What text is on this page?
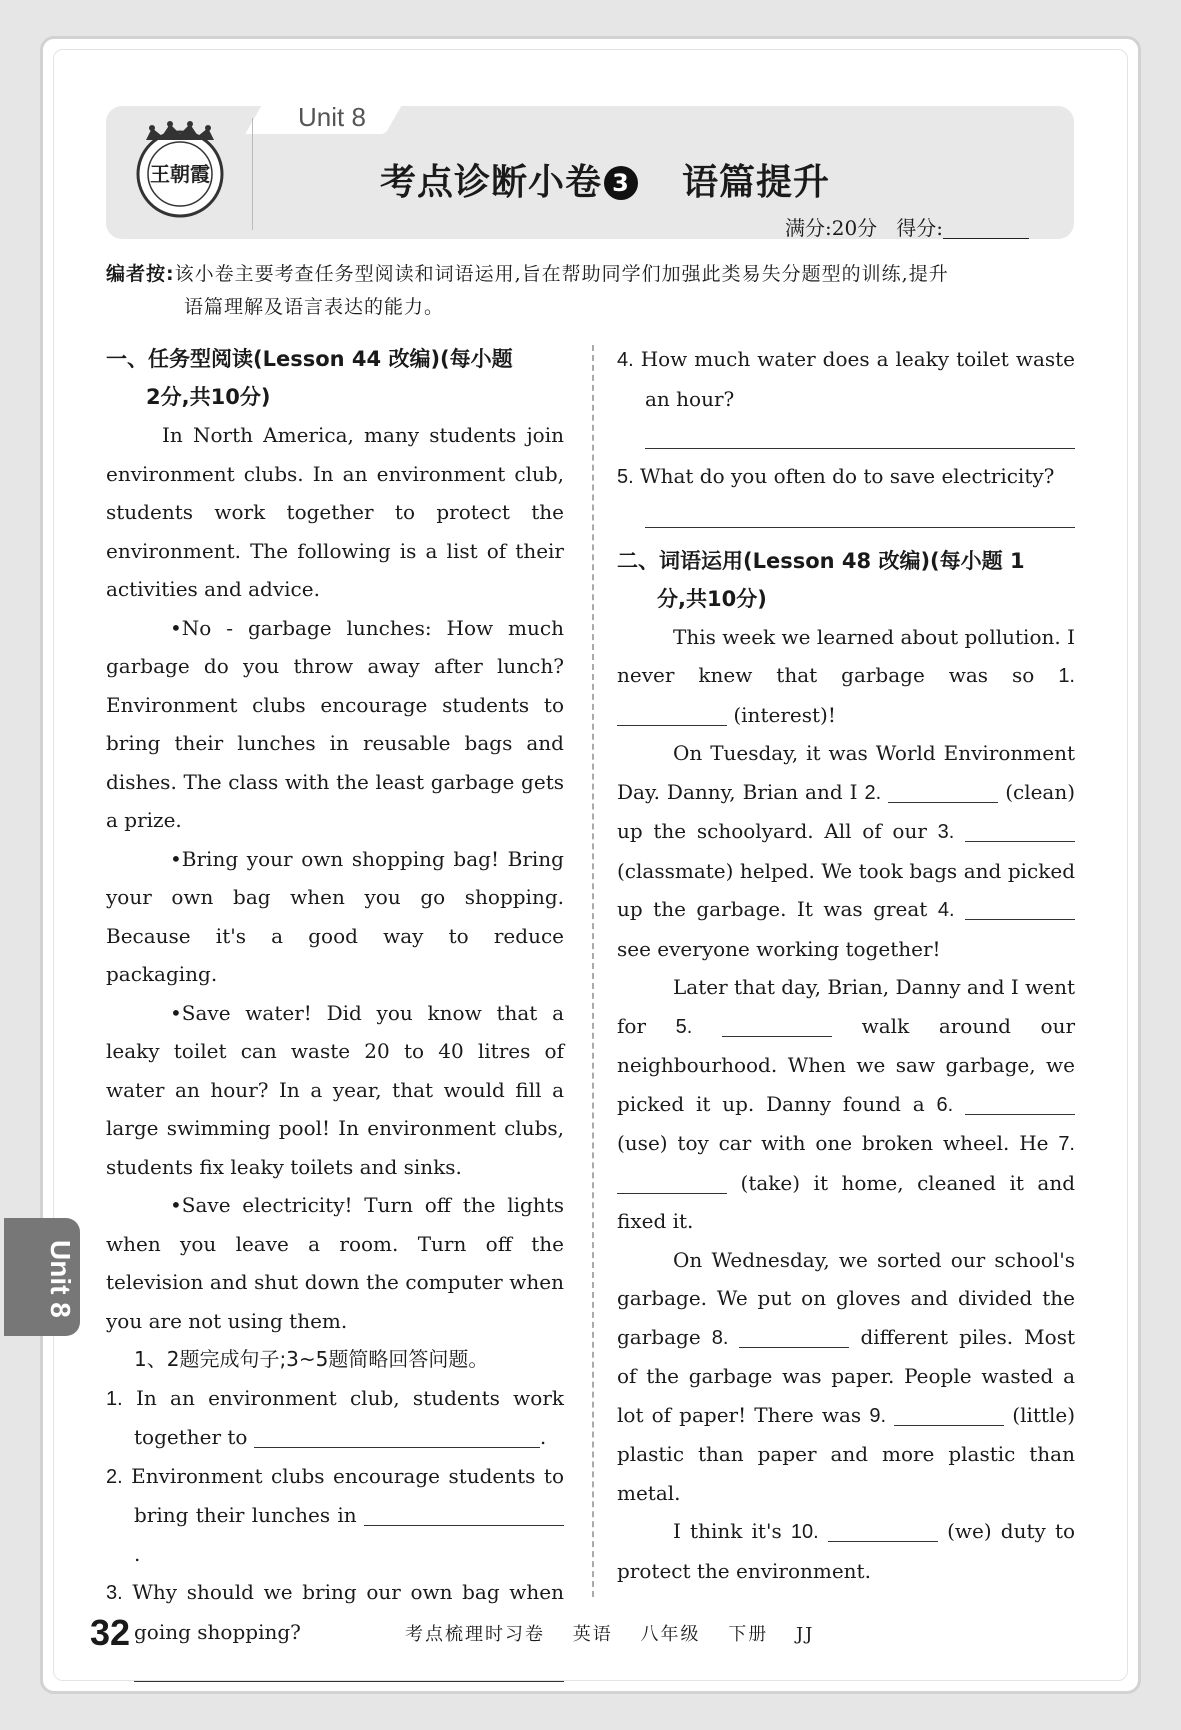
Unit 8
王朝霞	考点诊断小卷 3 语篇提升
满分:20分 得分:
编者按:该小卷主要考查任务型阅读和词语运用,旨在帮助同学们加强此类易失分题型的训练,提升
语篇理解及语言表达的能力。
一、任务型阅读(Lesson 44 改编)(每小题
2分,共10分)

In North America, many students join environment clubs. In an environment club, students work together to protect the environment. The following is a list of their activities and advice.

•No - garbage lunches: How much garbage do you throw away after lunch? Environment clubs encourage students to bring their lunches in reusable bags and dishes. The class with the least garbage gets a prize.

•Bring your own shopping bag! Bring your own bag when you go shopping. Because it's a good way to reduce packaging.

•Save water! Did you know that a leaky toilet can waste 20 to 40 litres of water an hour? In a year, that would fill a large swimming pool! In environment clubs, students fix leaky toilets and sinks.

•Save electricity! Turn off the lights when you leave a room. Turn off the television and shut down the computer when you are not using them.

1、2题完成句子;3~5题简略回答问题。

1. In an environment club, students work together to	.

2. Environment clubs encourage students to bring their lunches in .

3. Why should we bring our own bag when going shopping?

4. How much water does a leaky toilet waste an hour?

5. What do you often do to save electricity?

二、词语运用(Lesson 48 改编)(每小题 1
分,共10分)

This week we learned about pollution. I never knew that garbage was so 1.  (interest)!

On Tuesday, it was World Environment Day. Danny, Brian and I 2.	(clean) up the schoolyard. All of our 3.  (classmate) helped. We took bags and picked up the garbage. It was great 4.  see everyone working together!

Later that day, Brian, Danny and I went for 5.	walk around our neighbourhood. When we saw garbage, we picked it up. Danny found a 6.  (use) toy car with one broken wheel. He 7.  (take) it home, cleaned it and fixed it.

On Wednesday, we sorted our school's garbage. We put on gloves and divided the garbage 8.	different piles. Most of the garbage was paper. People wasted a lot of paper! There was 9.	(little) plastic than paper and more plastic than metal.

I think it's 10.	(we) duty to protect the environment.

Unit 8
32	考点梳理时习卷 英语 八年级 下册 JJ
